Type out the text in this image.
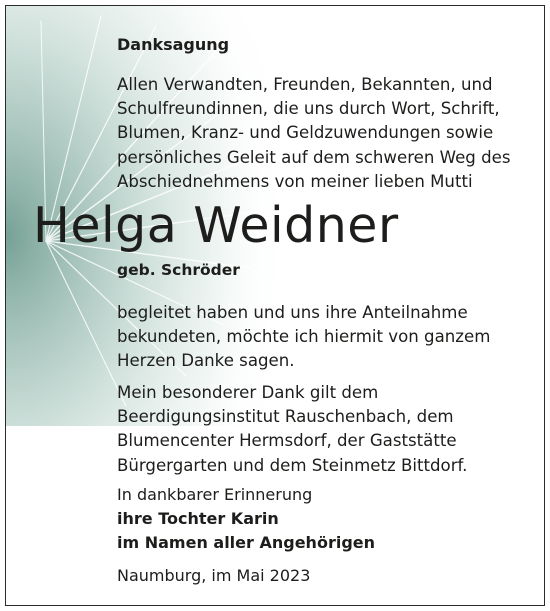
Danksagung

Allen Verwandten, Freunden, Bekannten, und
Schulfreundinnen, die uns durch Wort, Schrift,
Blumen, Kranz- und Geldzuwendungen sowie
persönliches Geleit auf dem schweren Weg des
Abschiednehmens von meiner lieben Mutti

Helga Weidner

geb. Schröder

begleitet haben und uns ihre Anteilnahme
bekundeten, möchte ich hiermit von ganzem
Herzen Danke sagen.

Mein besonderer Dank gilt dem
Beerdigungsinstitut Rauschenbach, dem
Blumencenter Hermsdorf, der Gaststätte
Bürgergarten und dem Steinmetz Bittdorf.

In dankbarer Erinnerung
ihre Tochter Karin
im Namen aller Angehörigen

Naumburg, im Mai 2023
